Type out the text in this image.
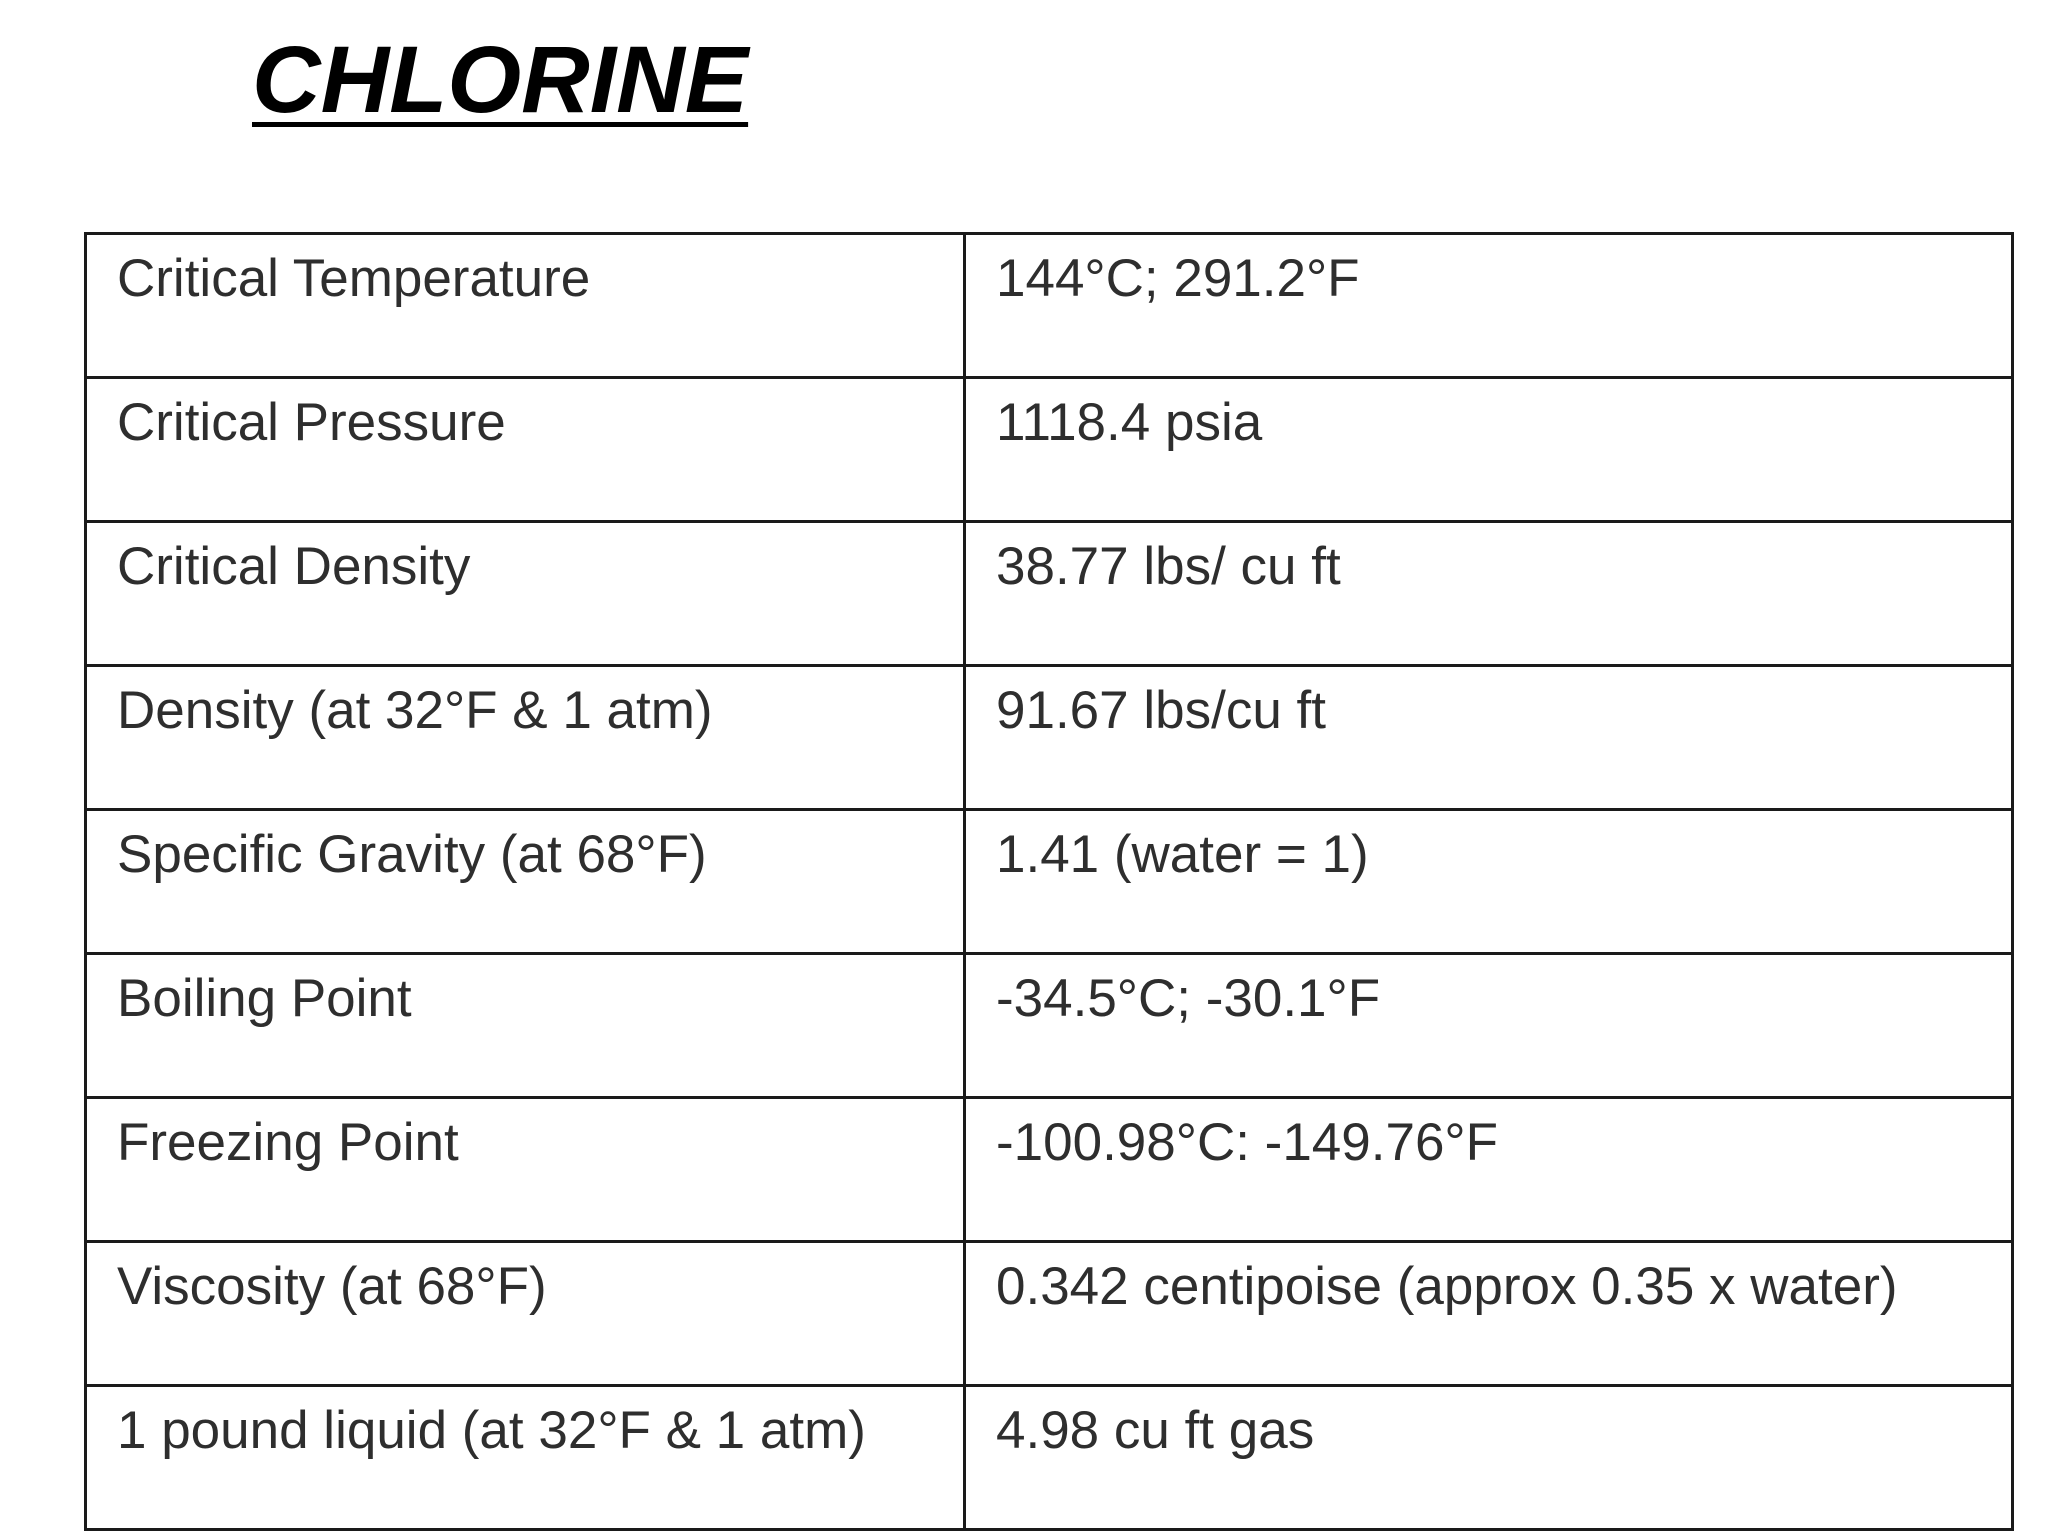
CHLORINE
Critical Temperature	144°C; 291.2°F
Critical Pressure	1118.4 psia
Critical Density	38.77 lbs/ cu ft
Density (at 32°F & 1 atm)	91.67 lbs/cu ft
Specific Gravity (at 68°F)	1.41 (water = 1)
Boiling Point	-34.5°C; -30.1°F
Freezing Point	-100.98°C: -149.76°F
Viscosity (at 68°F)	0.342 centipoise (approx 0.35 x water)
1 pound liquid (at 32°F & 1 atm)	4.98 cu ft gas
